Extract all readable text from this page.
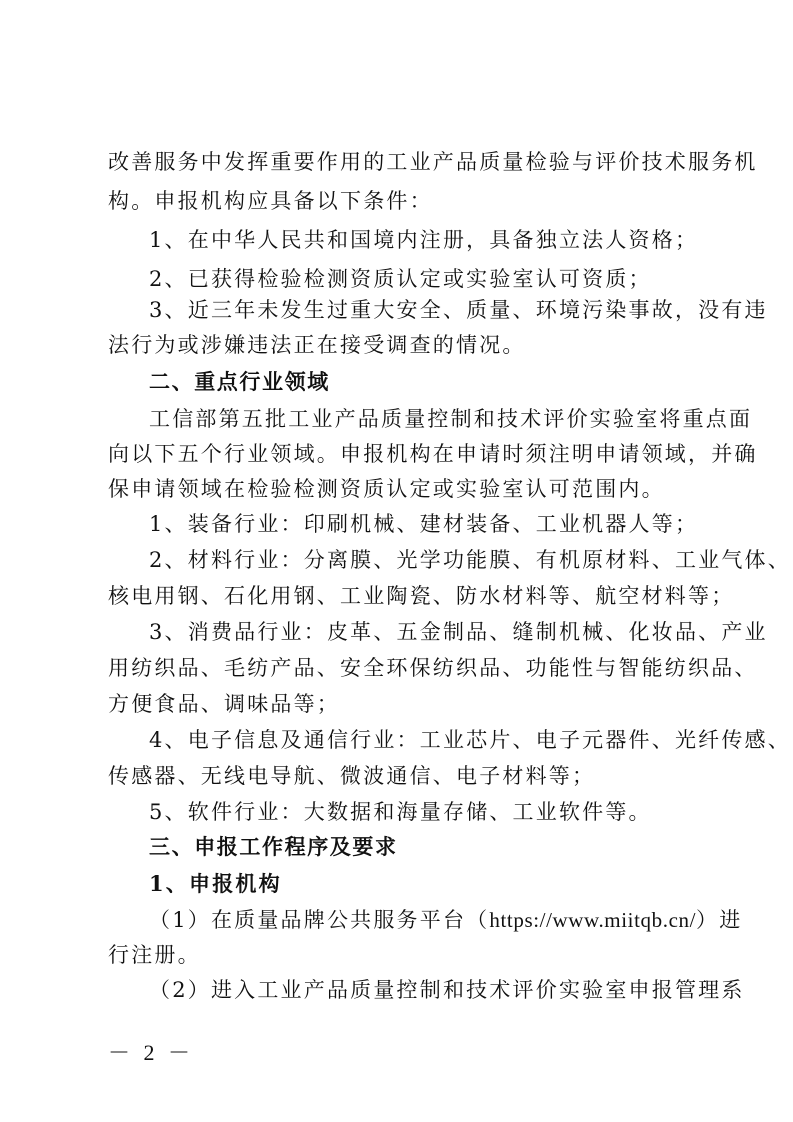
改善服务中发挥重要作用的工业产品质量检验与评价技术服务机
构。申报机构应具备以下条件：
1、在中华人民共和国境内注册，具备独立法人资格；
2、已获得检验检测资质认定或实验室认可资质；
3、近三年未发生过重大安全、质量、环境污染事故，没有违
法行为或涉嫌违法正在接受调查的情况。
二、重点行业领域
工信部第五批工业产品质量控制和技术评价实验室将重点面
向以下五个行业领域。申报机构在申请时须注明申请领域，并确
保申请领域在检验检测资质认定或实验室认可范围内。
1、装备行业：印刷机械、建材装备、工业机器人等；
2、材料行业：分离膜、光学功能膜、有机原材料、工业气体、
核电用钢、石化用钢、工业陶瓷、防水材料等、航空材料等；
3、消费品行业：皮革、五金制品、缝制机械、化妆品、产业
用纺织品、毛纺产品、安全环保纺织品、功能性与智能纺织品、
方便食品、调味品等；
4、电子信息及通信行业：工业芯片、电子元器件、光纤传感、
传感器、无线电导航、微波通信、电子材料等；
5、软件行业：大数据和海量存储、工业软件等。
三、申报工作程序及要求
1、申报机构
（1）在质量品牌公共服务平台（https://www.miitqb.cn/）进
行注册。
（2）进入工业产品质量控制和技术评价实验室申报管理系
－ 2 －
